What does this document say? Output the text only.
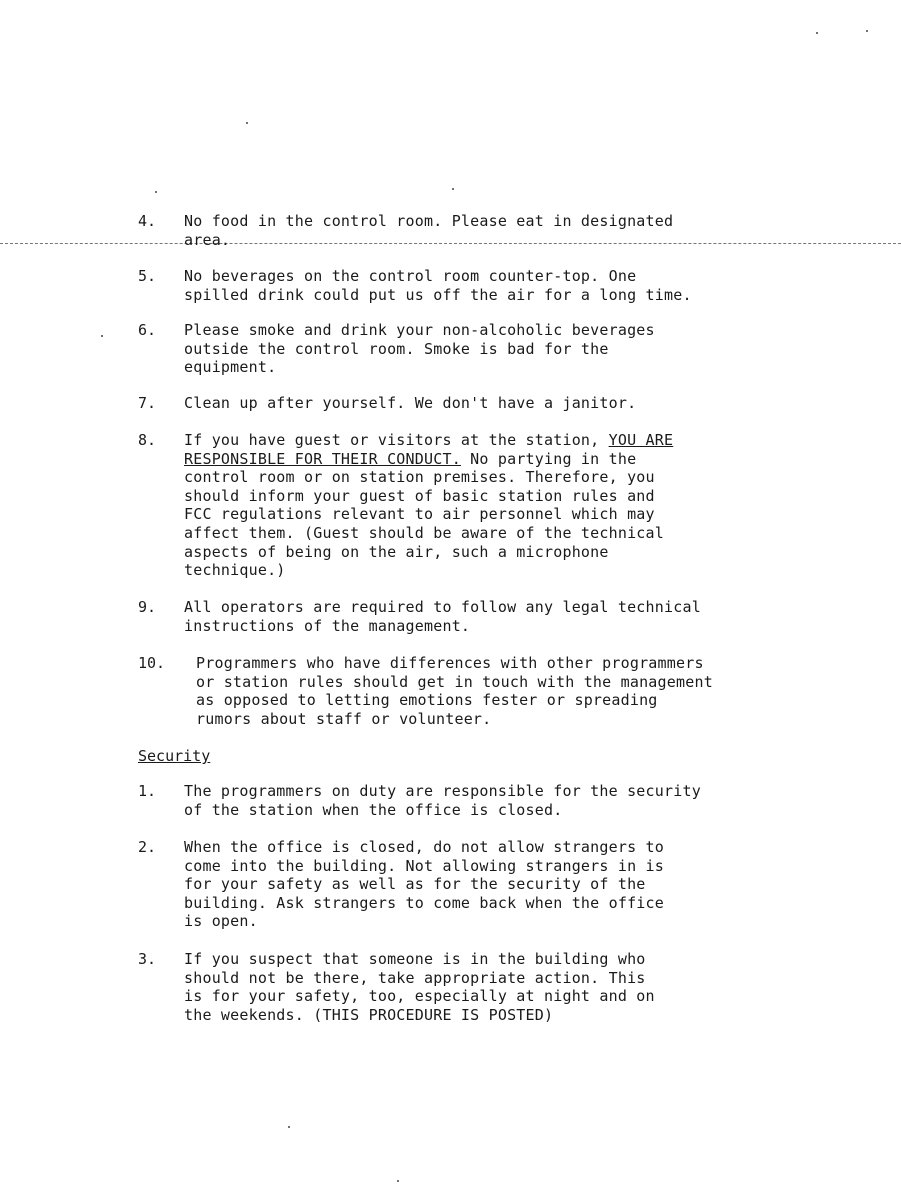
4. No food in the control room. Please eat in designated
area.
5. No beverages on the control room counter-top. One
spilled drink could put us off the air for a long time.
6. Please smoke and drink your non-alcoholic beverages
outside the control room. Smoke is bad for the
equipment.
7. Clean up after yourself. We don't have a janitor.
8. If you have guest or visitors at the station, YOU ARE
RESPONSIBLE FOR THEIR CONDUCT. No partying in the
control room or on station premises. Therefore, you
should inform your guest of basic station rules and
FCC regulations relevant to air personnel which may
affect them. (Guest should be aware of the technical
aspects of being on the air, such a microphone
technique.)
9. All operators are required to follow any legal technical
instructions of the management.
10. Programmers who have differences with other programmers
or station rules should get in touch with the management
as opposed to letting emotions fester or spreading
rumors about staff or volunteer.
Security
1. The programmers on duty are responsible for the security
of the station when the office is closed.
2. When the office is closed, do not allow strangers to
come into the building. Not allowing strangers in is
for your safety as well as for the security of the
building. Ask strangers to come back when the office
is open.
3. If you suspect that someone is in the building who
should not be there, take appropriate action. This
is for your safety, too, especially at night and on
the weekends. (THIS PROCEDURE IS POSTED)
